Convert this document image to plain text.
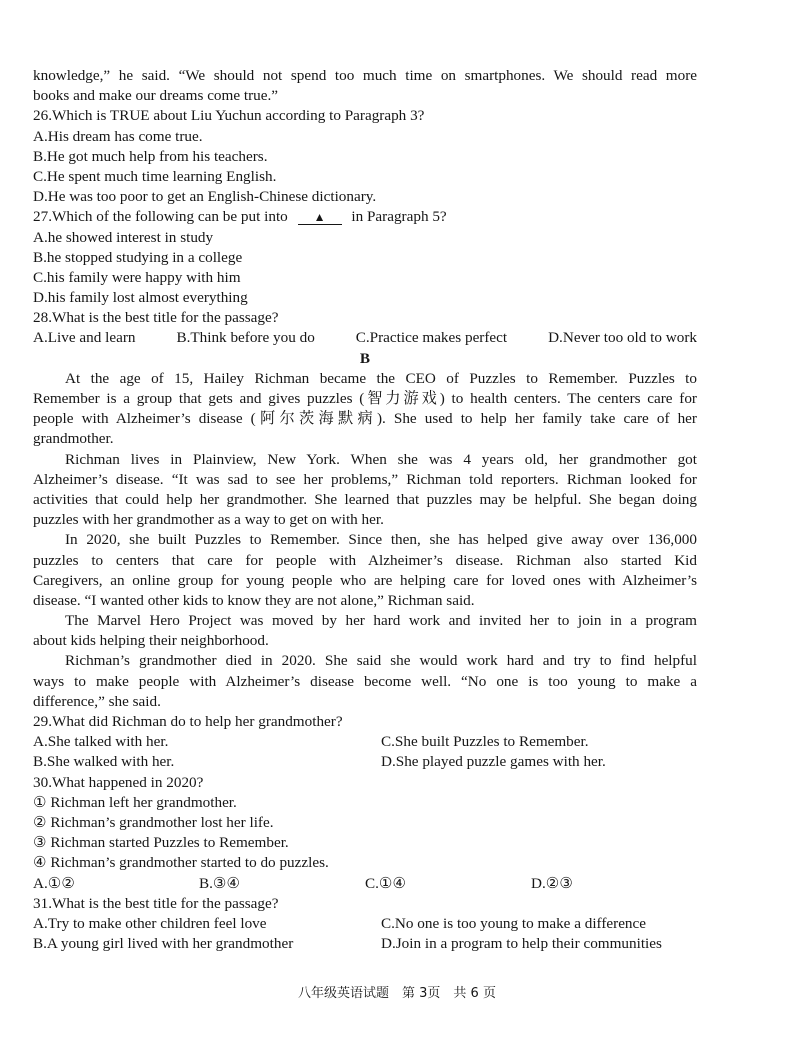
knowledge,” he said. “We should not spend too much time on smartphones. We should read more
books and make our dreams come true.”
26.Which is TRUE about Liu Yuchun according to Paragraph 3?
A.His dream has come true.
B.He got much help from his teachers.
C.He spent much time learning English.
D.He was too poor to get an English-Chinese dictionary.
27.Which of the following can be put into ▲ in Paragraph 5?
A.he showed interest in study
B.he stopped studying in a college
C.his family were happy with him
D.his family lost almost everything
28.What is the best title for the passage?
A.Live and learn	B.Think before you do	C.Practice makes perfect	D.Never too old to work
B
At the age of 15, Hailey Richman became the CEO of Puzzles to Remember. Puzzles to
Remember is a group that gets and gives puzzles (智力游戏) to health centers. The centers care for
people with Alzheimer’s disease (阿尔茨海默病). She used to help her family take care of her
grandmother.
Richman lives in Plainview, New York. When she was 4 years old, her grandmother got
Alzheimer’s disease. “It was sad to see her problems,” Richman told reporters. Richman looked for
activities that could help her grandmother. She learned that puzzles may be helpful. She began doing
puzzles with her grandmother as a way to get on with her.
In 2020, she built Puzzles to Remember. Since then, she has helped give away over 136,000
puzzles to centers that care for people with Alzheimer’s disease. Richman also started Kid
Caregivers, an online group for young people who are helping care for loved ones with Alzheimer’s
disease. “I wanted other kids to know they are not alone,” Richman said.
The Marvel Hero Project was moved by her hard work and invited her to join in a program
about kids helping their neighborhood.
Richman’s grandmother died in 2020. She said she would work hard and try to find helpful
ways to make people with Alzheimer’s disease become well. “No one is too young to make a
difference,” she said.
29.What did Richman do to help her grandmother?
A.She talked with her.	C.She built Puzzles to Remember.
B.She walked with her.	D.She played puzzle games with her.
30.What happened in 2020?
① Richman left her grandmother.
② Richman’s grandmother lost her life.
③ Richman started Puzzles to Remember.
④ Richman’s grandmother started to do puzzles.
A.①②	B.③④	C.①④	D.②③
31.What is the best title for the passage?
A.Try to make other children feel love	C.No one is too young to make a difference
B.A young girl lived with her grandmother	D.Join in a program to help their communities
八年级英语试题　第 3页　共 6 页
